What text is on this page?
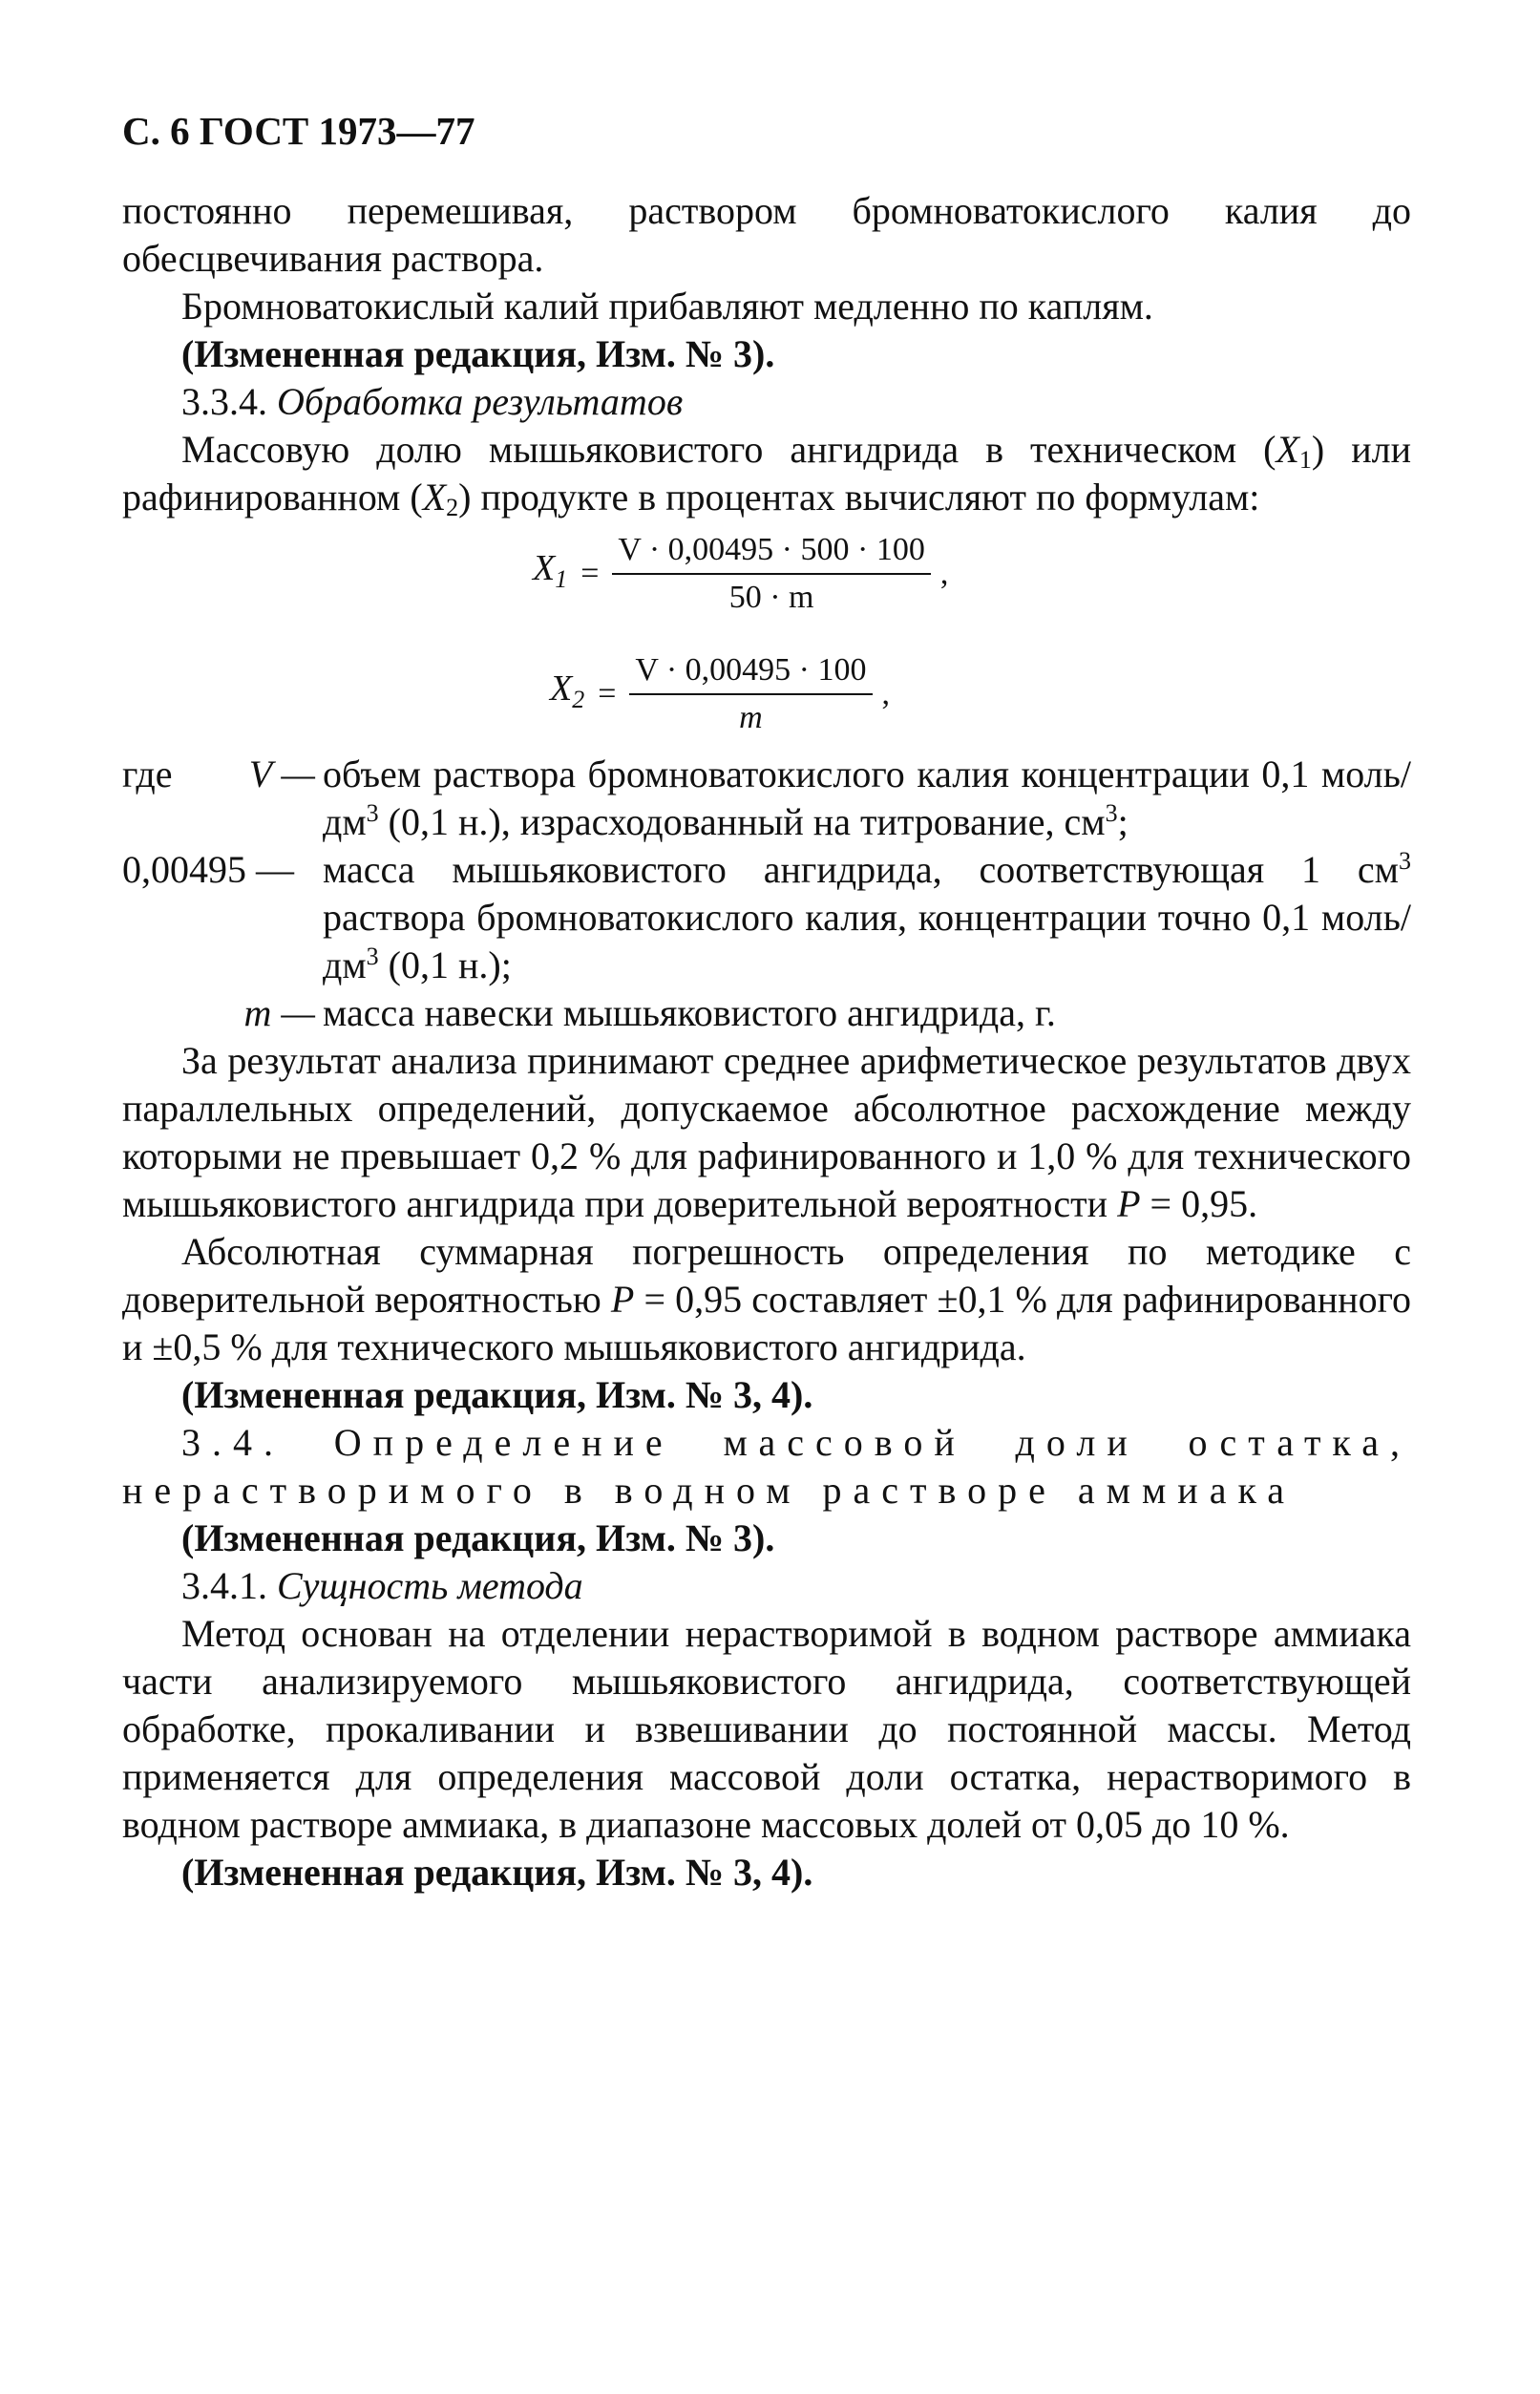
С. 6 ГОСТ 1973—77

постоянно перемешивая, раствором бромноватокислого калия до обесцвечивания раствора.

Бромноватокислый калий прибавляют медленно по каплям.

(Измененная редакция, Изм. № 3).

3.3.4. Обработка результатов

Массовую долю мышьяковистого ангидрида в техническом $(X_1)$ или рафинированном $(X_2)$ продукте в процентах вычисляют по формулам:

$X_1 = \frac{V \cdot 0,00495 \cdot 500 \cdot 100}{50 \cdot m}$ ,
$X_2 = \frac{V \cdot 0,00495 \cdot 100}{m}$ ,
где V — объем раствора бромноватокислого калия концентрации 0,1 моль/$дм^3$ (0,1 н.), израсходованный на титрование, $см^3$;
0,00495 — масса мышьяковистого ангидрида, соответствующая 1 $см^3$ раствора бромноватокислого калия, концентрации точно 0,1 моль/$дм^3$ (0,1 н.);
m — масса навески мышьяковистого ангидрида, г.

За результат анализа принимают среднее арифметическое результатов двух параллельных определений, допускаемое абсолютное расхождение между которыми не превышает 0,2 % для рафинированного и 1,0 % для технического мышьяковистого ангидрида при доверительной вероятности P = 0,95.

Абсолютная суммарная погрешность определения по методике с доверительной вероятностью P = 0,95 составляет ±0,1 % для рафинированного и ±0,5 % для технического мышьяковистого ангидрида.

(Измененная редакция, Изм. № 3, 4).

3.4. Определение массовой доли остатка, нерастворимого в водном растворе аммиака

(Измененная редакция, Изм. № 3).

3.4.1. Сущность метода

Метод основан на отделении нерастворимой в водном растворе аммиака части анализируемого мышьяковистого ангидрида, соответствующей обработке, прокаливании и взвешивании до постоянной массы. Метод применяется для определения массовой доли остатка, нерастворимого в водном растворе аммиака, в диапазоне массовых долей от 0,05 до 10 %.

(Измененная редакция, Изм. № 3, 4).
